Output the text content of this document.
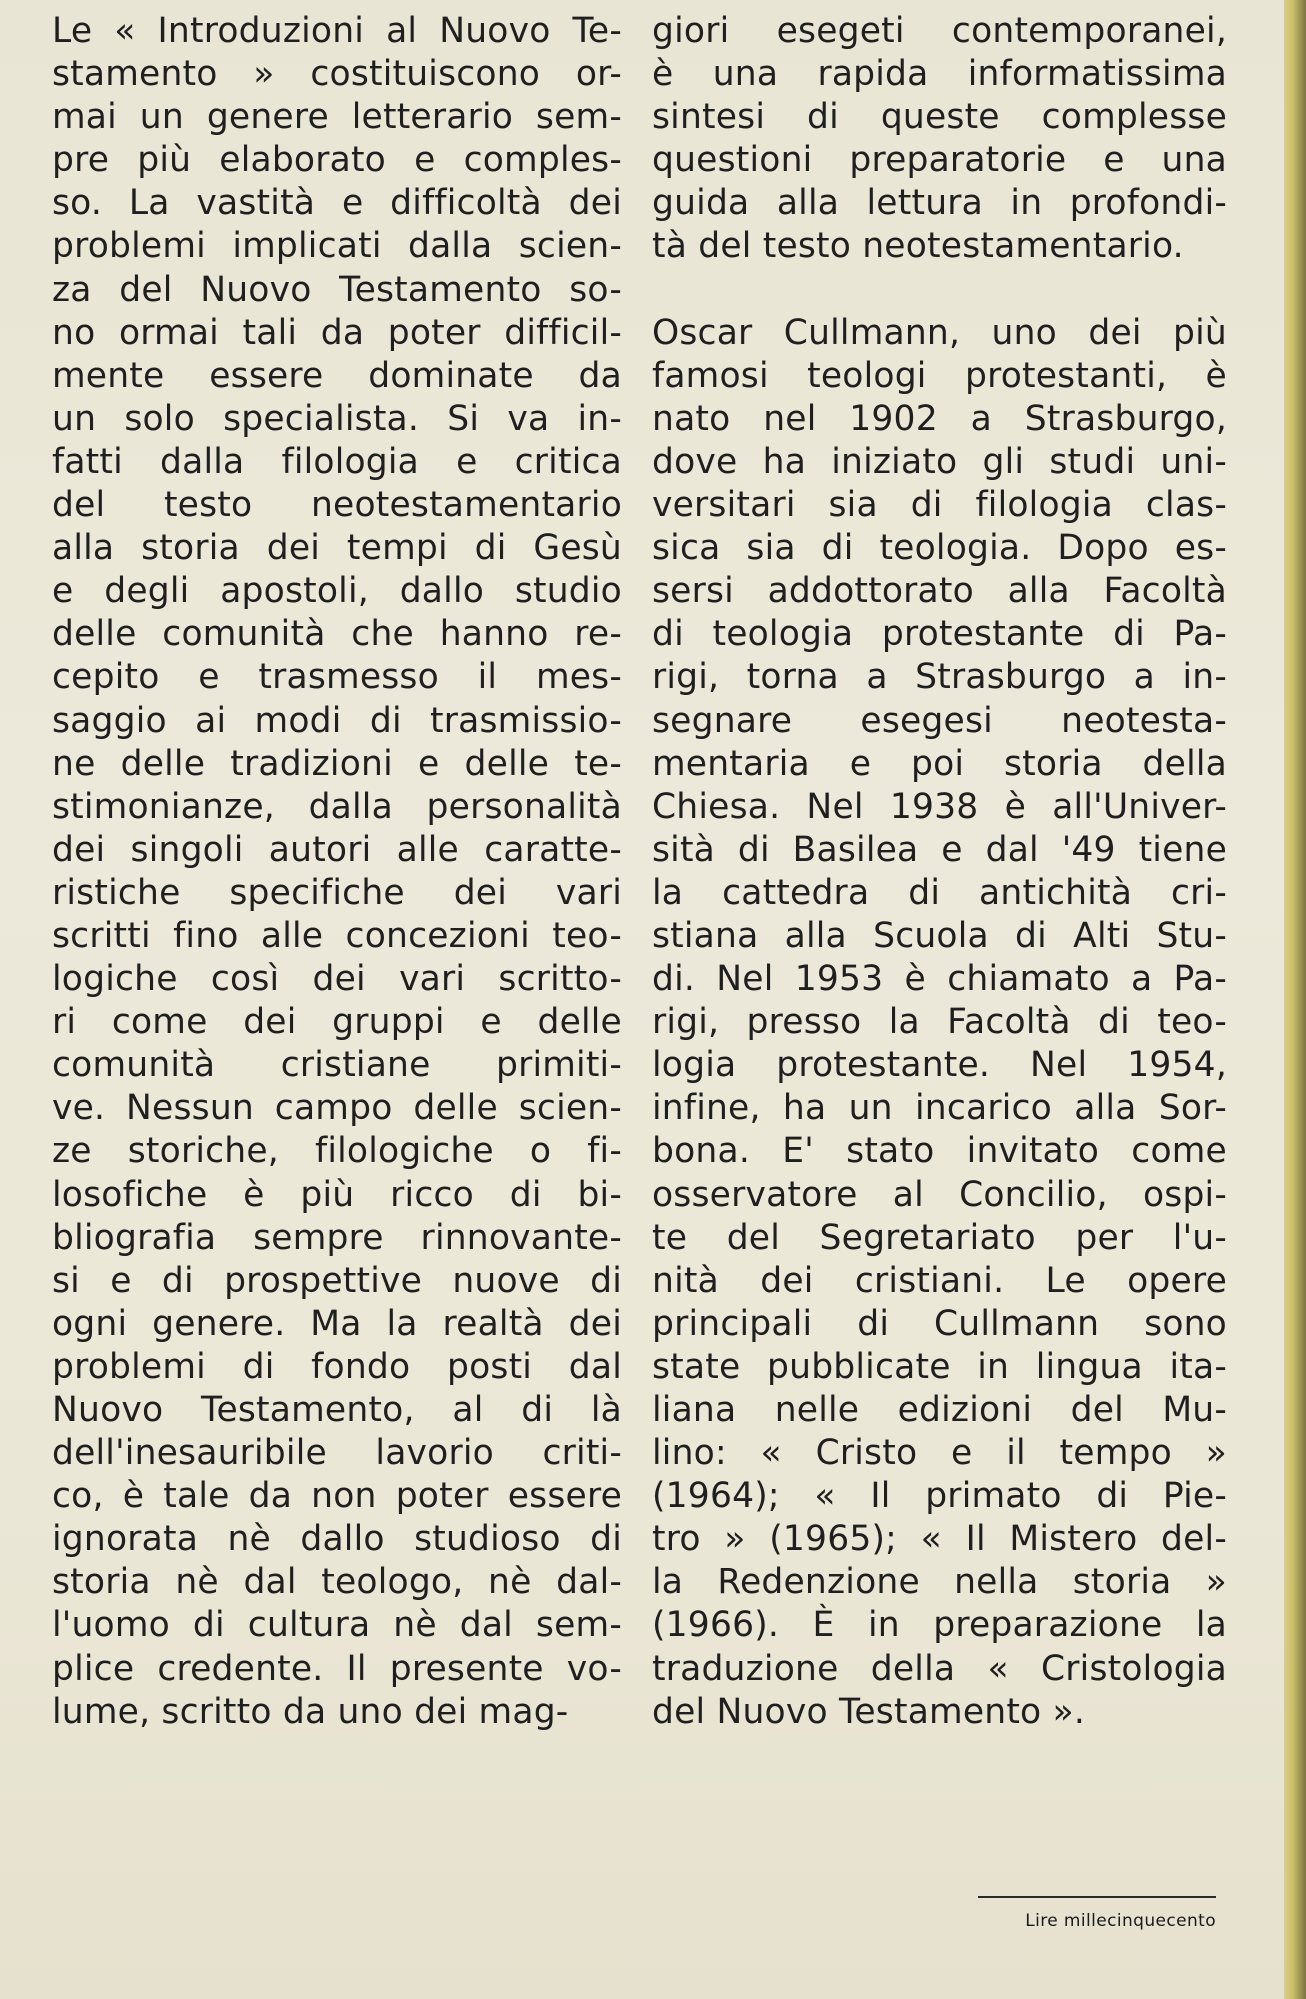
Le « Introduzioni al Nuovo Te-
stamento » costituiscono or-
mai un genere letterario sem-
pre più elaborato e comples-
so. La vastità e difficoltà dei
problemi implicati dalla scien-
za del Nuovo Testamento so-
no ormai tali da poter difficil-
mente essere dominate da
un solo specialista. Si va in-
fatti dalla filologia e critica
del testo neotestamentario
alla storia dei tempi di Gesù
e degli apostoli, dallo studio
delle comunità che hanno re-
cepito e trasmesso il mes-
saggio ai modi di trasmissio-
ne delle tradizioni e delle te-
stimonianze, dalla personalità
dei singoli autori alle caratte-
ristiche specifiche dei vari
scritti fino alle concezioni teo-
logiche così dei vari scritto-
ri come dei gruppi e delle
comunità cristiane primiti-
ve. Nessun campo delle scien-
ze storiche, filologiche o fi-
losofiche è più ricco di bi-
bliografia sempre rinnovante-
si e di prospettive nuove di
ogni genere. Ma la realtà dei
problemi di fondo posti dal
Nuovo Testamento, al di là
dell'inesauribile lavorio criti-
co, è tale da non poter essere
ignorata nè dallo studioso di
storia nè dal teologo, nè dal-
l'uomo di cultura nè dal sem-
plice credente. Il presente vo-
lume, scritto da uno dei mag-
giori esegeti contemporanei,
è una rapida informatissima
sintesi di queste complesse
questioni preparatorie e una
guida alla lettura in profondi-
tà del testo neotestamentario.
Oscar Cullmann, uno dei più
famosi teologi protestanti, è
nato nel 1902 a Strasburgo,
dove ha iniziato gli studi uni-
versitari sia di filologia clas-
sica sia di teologia. Dopo es-
sersi addottorato alla Facoltà
di teologia protestante di Pa-
rigi, torna a Strasburgo a in-
segnare esegesi neotesta-
mentaria e poi storia della
Chiesa. Nel 1938 è all'Univer-
sità di Basilea e dal '49 tiene
la cattedra di antichità cri-
stiana alla Scuola di Alti Stu-
di. Nel 1953 è chiamato a Pa-
rigi, presso la Facoltà di teo-
logia protestante. Nel 1954,
infine, ha un incarico alla Sor-
bona. E' stato invitato come
osservatore al Concilio, ospi-
te del Segretariato per l'u-
nità dei cristiani. Le opere
principali di Cullmann sono
state pubblicate in lingua ita-
liana nelle edizioni del Mu-
lino: « Cristo e il tempo »
(1964); « Il primato di Pie-
tro » (1965); « Il Mistero del-
la Redenzione nella storia »
(1966). È in preparazione la
traduzione della « Cristologia
del Nuovo Testamento ».
Lire millecinquecento
